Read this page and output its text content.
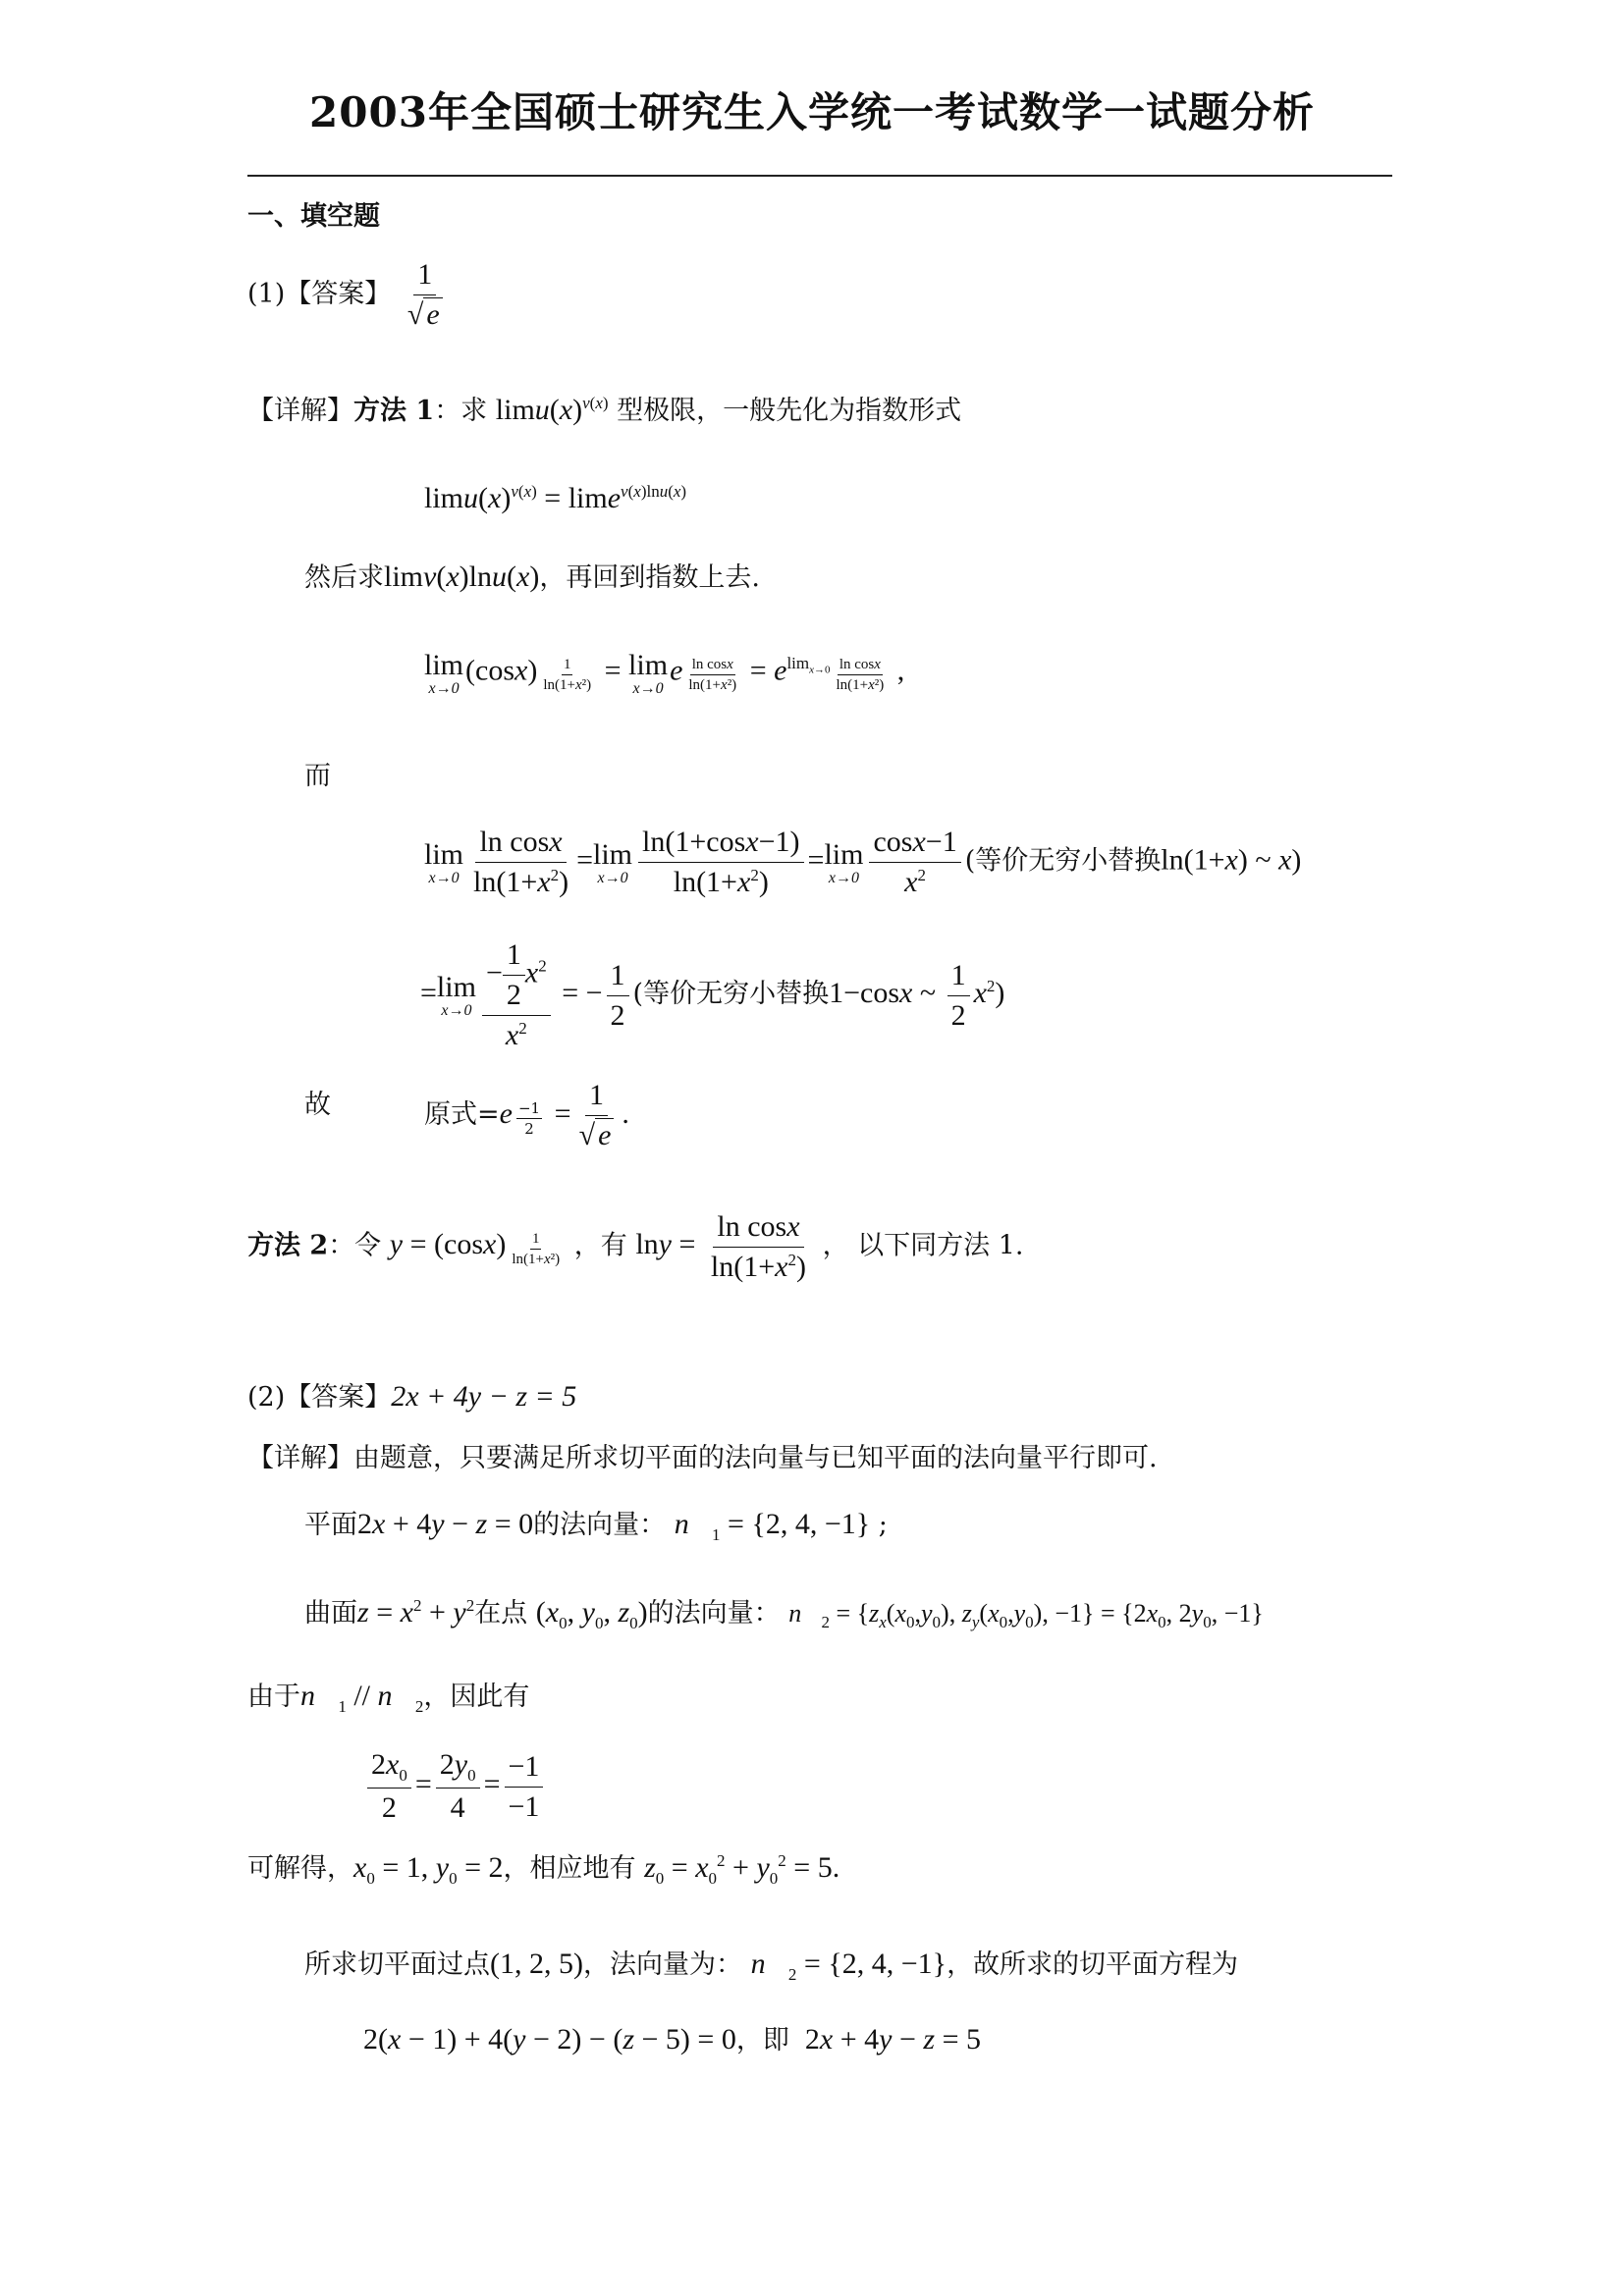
2003年全国硕士研究生入学统一考试数学一试题分析
一、填空题
(1)【答案】 $\frac{1}{√ e}$
【详解】方法 1：求 $\lim u(x)^{v(x)}$ 型极限，一般先化为指数形式
$\lim u(x)^{v(x)} = \lim e^{v(x)lnu(x)}$
然后求limv(x)lnu(x)，再回到指数上去.
lim
x→0
$(\cos x) \frac{1}{\text{ln(1+x²)}} = \lim$
x→0
e $\frac{\text{ln cosx}}{\text{ln(1+x²)}} = e^{lim_{x\to 0}} \frac{\text{ln cosx}}{\text{ln(1+x²)}}$ ,
而
lim
$x\to 0 \frac{\text{ln cosx}}{\ln(1+x^2)} = \lim$
$x\to 0 \frac{\ln(1+\cos x-1)}{\ln(1+x^2)} = \lim$
$x\to 0 \frac{\cos x-1}{x^2}$ (等价无穷小替换ln(1+x) ~ x)
= lim
$x\to 0 \frac{- \frac{1}{2} x^2}{x^2}$ = − $\frac{1}{2}$ (等价无穷小替换1−cosx ~ $\frac{1}{2} x^2$)
故	原式$=e \frac{-1}{2} = \frac{1}{√ e}$ .
方法 2：令 $y = (\cos x) \frac{1}{\text{ln(1+x²)}}$ ，有 $\ln y = \frac{\text{ln cosx}}{\ln(1+x^2)}$ ， 以下同方法 1.
(2)【答案】2x + 4y − z = 5
【详解】由题意，只要满足所求切平面的法向量与已知平面的法向量平行即可.
平面2x + 4y − z = 0的法向量： $n⃗_1 = \{2$, 4, −1} ;
曲面$z = x^2 + y^2$在点 ($x_0$, $y_0$, $z_0$)的法向量： $n⃗_2 = \{z_x(x_0,y_0)$, $z_y(x_0,y_0)$, $-1\} = \{2x_0$, $2y_0$, −1}
由于$n⃗_1$ // $n⃗_2$，因此有
$\frac{2x_0}{2} = \frac{2y_0}{4} = \frac{-1}{-1}$
可解得，$x_0 = 1$, $y_0 = 2$，相应地有 $z_0 = x_0^2 + y_0^2 = 5$.
所求切平面过点(1, 2, 5)，法向量为： $n⃗_2 = \{2$, 4, −1}，故所求的切平面方程为
2(x − 1) + 4(y − 2) − (z − 5) = 0，即  2x + 4y − z = 5
